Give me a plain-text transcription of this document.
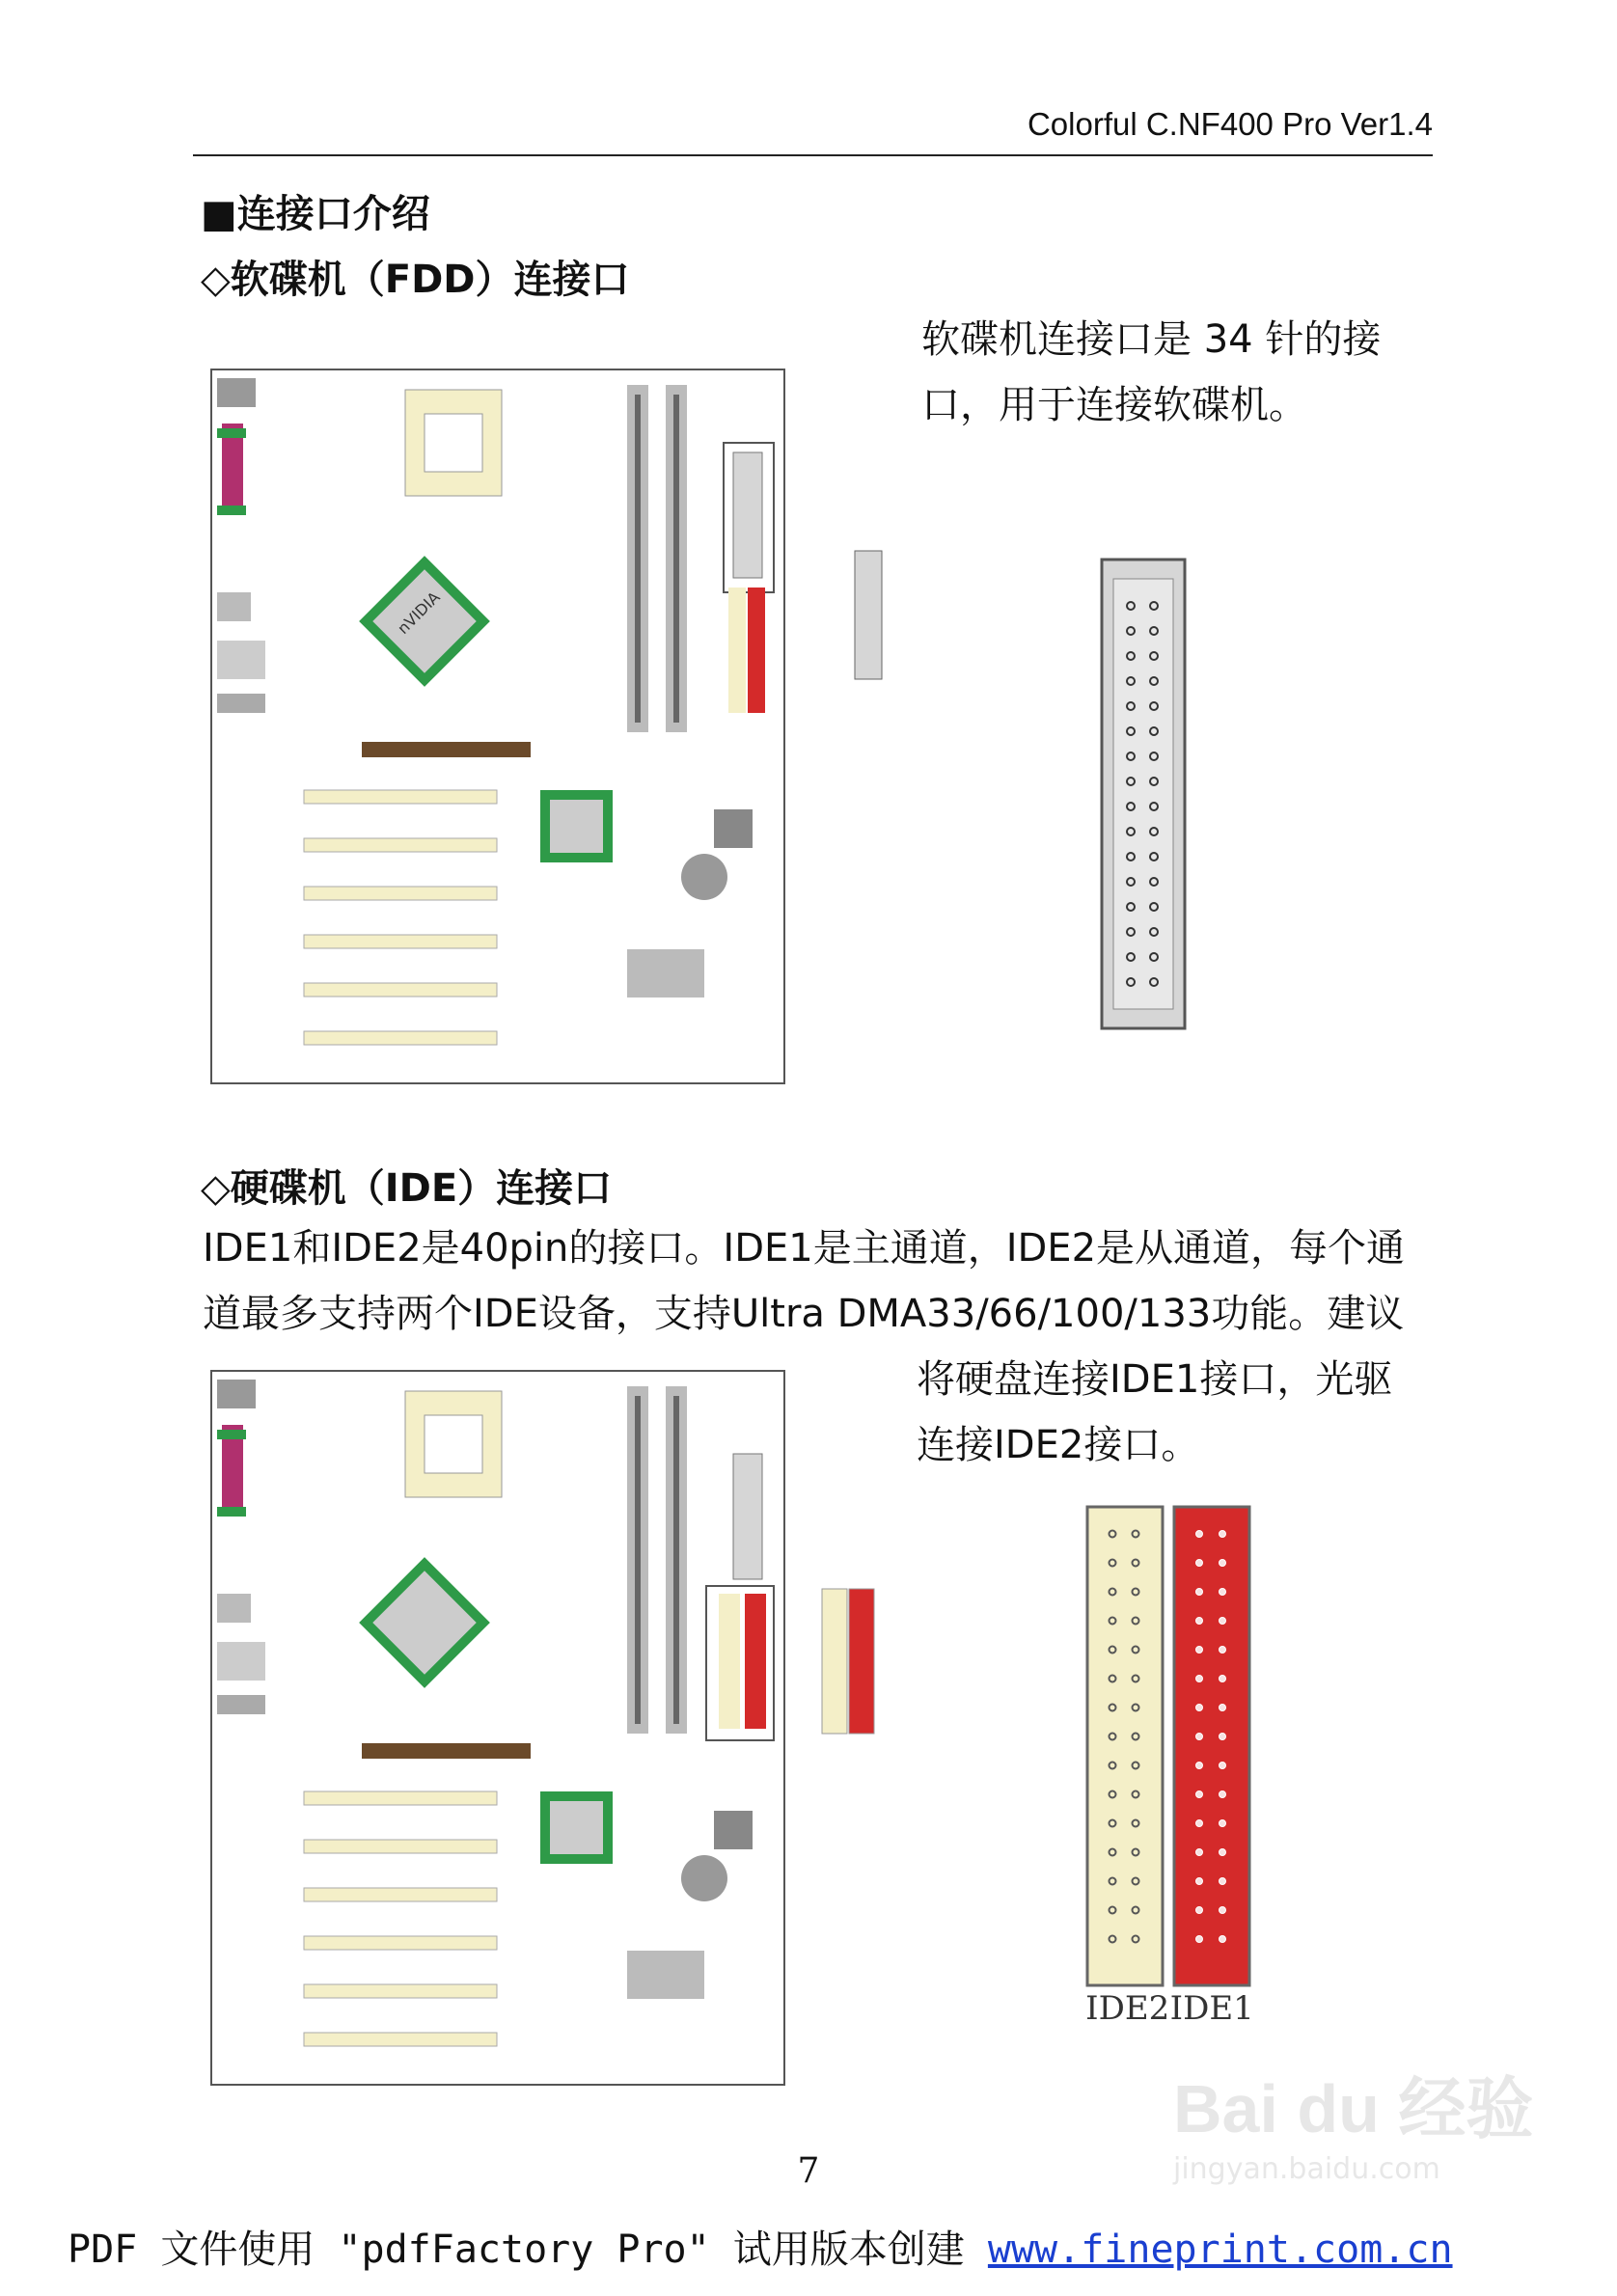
Colorful C.NF400 Pro Ver1.4
■连接口介绍
◇软碟机（FDD）连接口
软碟机连接口是 34 针的接
口，用于连接软碟机。
nVIDIA
◇硬碟机（IDE）连接口
IDE1和IDE2是40pin的接口。IDE1是主通道，IDE2是从通道，每个通
道最多支持两个IDE设备，支持Ultra DMA33/66/100/133功能。建议
将硬盘连接IDE1接口，光驱
连接IDE2接口。
IDE2 IDE1
7
Bai du 经验
jingyan.baidu.com
PDF 文件使用 "pdfFactory Pro" 试用版本创建 www.fineprint.com.cn
